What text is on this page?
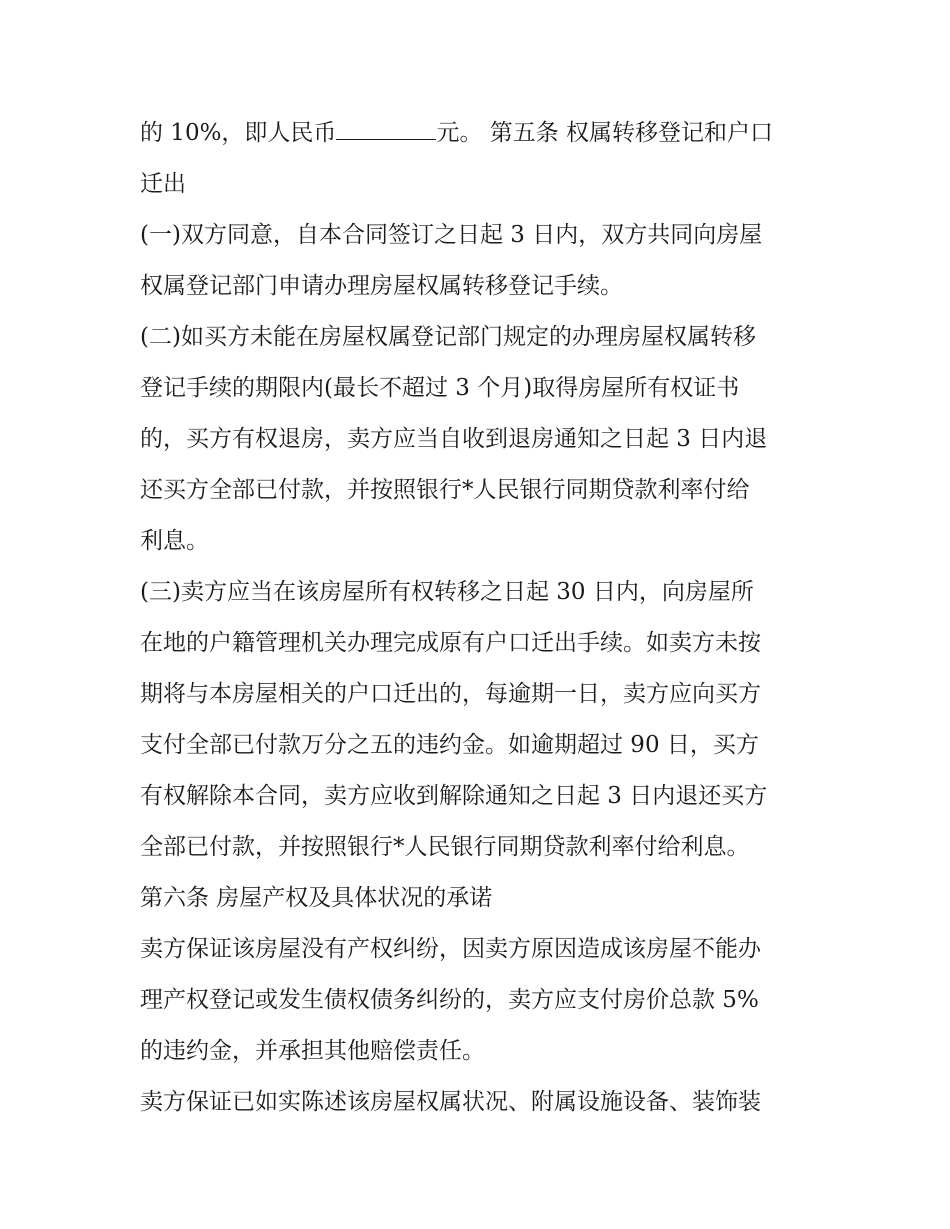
的 10%，即人民币	元。 第五条 权属转移登记和户口
迁出
(一)双方同意，自本合同签订之日起 3 日内，双方共同向房屋
权属登记部门申请办理房屋权属转移登记手续。
(二)如买方未能在房屋权属登记部门规定的办理房屋权属转移
登记手续的期限内(最长不超过 3 个月)取得房屋所有权证书
的，买方有权退房，卖方应当自收到退房通知之日起 3 日内退
还买方全部已付款，并按照银行*人民银行同期贷款利率付给
利息。
(三)卖方应当在该房屋所有权转移之日起 30 日内，向房屋所
在地的户籍管理机关办理完成原有户口迁出手续。如卖方未按
期将与本房屋相关的户口迁出的，每逾期一日，卖方应向买方
支付全部已付款万分之五的违约金。如逾期超过 90 日，买方
有权解除本合同，卖方应收到解除通知之日起 3 日内退还买方
全部已付款，并按照银行*人民银行同期贷款利率付给利息。
第六条 房屋产权及具体状况的承诺
卖方保证该房屋没有产权纠纷，因卖方原因造成该房屋不能办
理产权登记或发生债权债务纠纷的，卖方应支付房价总款 5%
的违约金，并承担其他赔偿责任。
卖方保证已如实陈述该房屋权属状况、附属设施设备、装饰装
